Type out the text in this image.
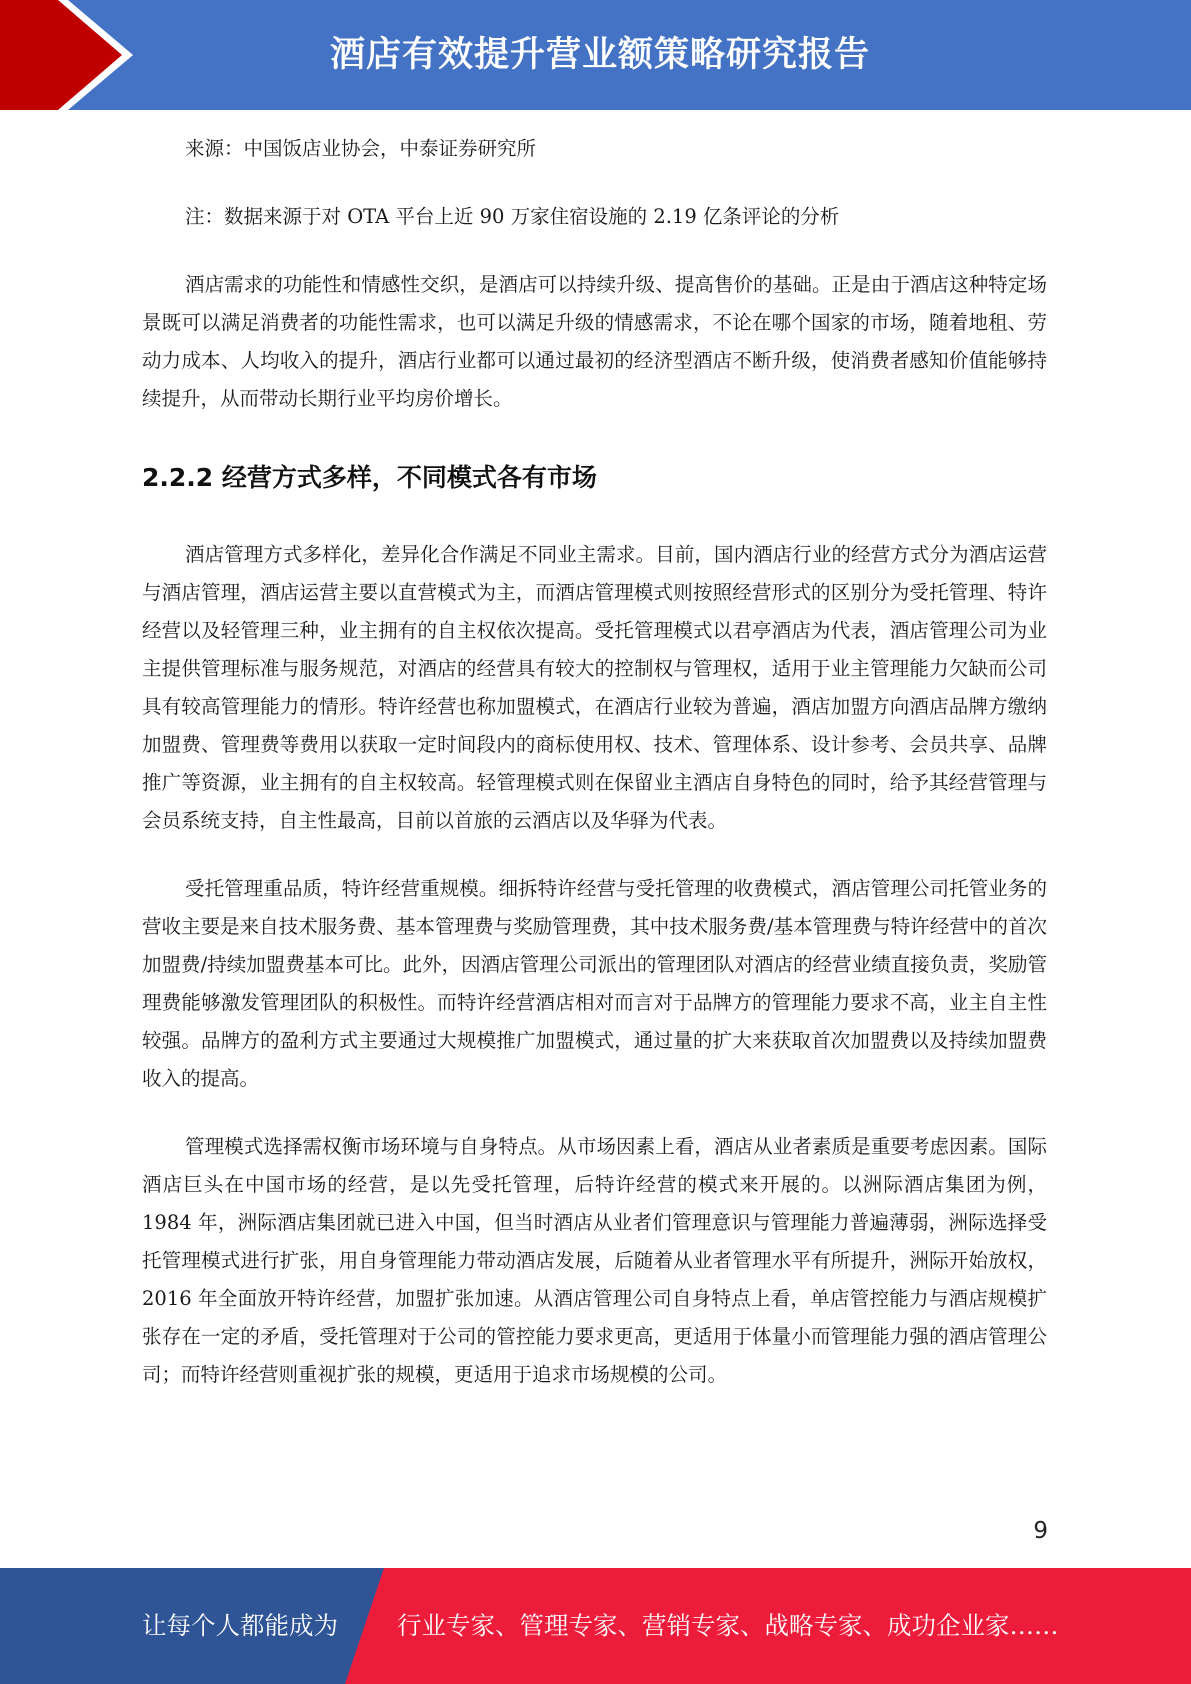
酒店有效提升营业额策略研究报告

来源：中国饭店业协会，中泰证券研究所

注：数据来源于对 OTA 平台上近 90 万家住宿设施的 2.19 亿条评论的分析

酒店需求的功能性和情感性交织，是酒店可以持续升级、提高售价的基础。正是由于酒店这种特定场景既可以满足消费者的功能性需求，也可以满足升级的情感需求，不论在哪个国家的市场，随着地租、劳动力成本、人均收入的提升，酒店行业都可以通过最初的经济型酒店不断升级，使消费者感知价值能够持续提升，从而带动长期行业平均房价增长。

2.2.2 经营方式多样，不同模式各有市场

酒店管理方式多样化，差异化合作满足不同业主需求。目前，国内酒店行业的经营方式分为酒店运营与酒店管理，酒店运营主要以直营模式为主，而酒店管理模式则按照经营形式的区别分为受托管理、特许经营以及轻管理三种，业主拥有的自主权依次提高。受托管理模式以君亭酒店为代表，酒店管理公司为业主提供管理标准与服务规范，对酒店的经营具有较大的控制权与管理权，适用于业主管理能力欠缺而公司具有较高管理能力的情形。特许经营也称加盟模式，在酒店行业较为普遍，酒店加盟方向酒店品牌方缴纳加盟费、管理费等费用以获取一定时间段内的商标使用权、技术、管理体系、设计参考、会员共享、品牌推广等资源，业主拥有的自主权较高。轻管理模式则在保留业主酒店自身特色的同时，给予其经营管理与会员系统支持，自主性最高，目前以首旅的云酒店以及华驿为代表。

受托管理重品质，特许经营重规模。细拆特许经营与受托管理的收费模式，酒店管理公司托管业务的营收主要是来自技术服务费、基本管理费与奖励管理费，其中技术服务费/基本管理费与特许经营中的首次加盟费/持续加盟费基本可比。此外，因酒店管理公司派出的管理团队对酒店的经营业绩直接负责，奖励管理费能够激发管理团队的积极性。而特许经营酒店相对而言对于品牌方的管理能力要求不高，业主自主性较强。品牌方的盈利方式主要通过大规模推广加盟模式，通过量的扩大来获取首次加盟费以及持续加盟费收入的提高。

管理模式选择需权衡市场环境与自身特点。从市场因素上看，酒店从业者素质是重要考虑因素。国际酒店巨头在中国市场的经营，是以先受托管理，后特许经营的模式来开展的。以洲际酒店集团为例，1984 年，洲际酒店集团就已进入中国，但当时酒店从业者们管理意识与管理能力普遍薄弱，洲际选择受托管理模式进行扩张，用自身管理能力带动酒店发展，后随着从业者管理水平有所提升，洲际开始放权，2016 年全面放开特许经营，加盟扩张加速。从酒店管理公司自身特点上看，单店管控能力与酒店规模扩张存在一定的矛盾，受托管理对于公司的管控能力要求更高，更适用于体量小而管理能力强的酒店管理公司；而特许经营则重视扩张的规模，更适用于追求市场规模的公司。

9
让每个人都能成为 行业专家、管理专家、营销专家、战略专家、成功企业家……
